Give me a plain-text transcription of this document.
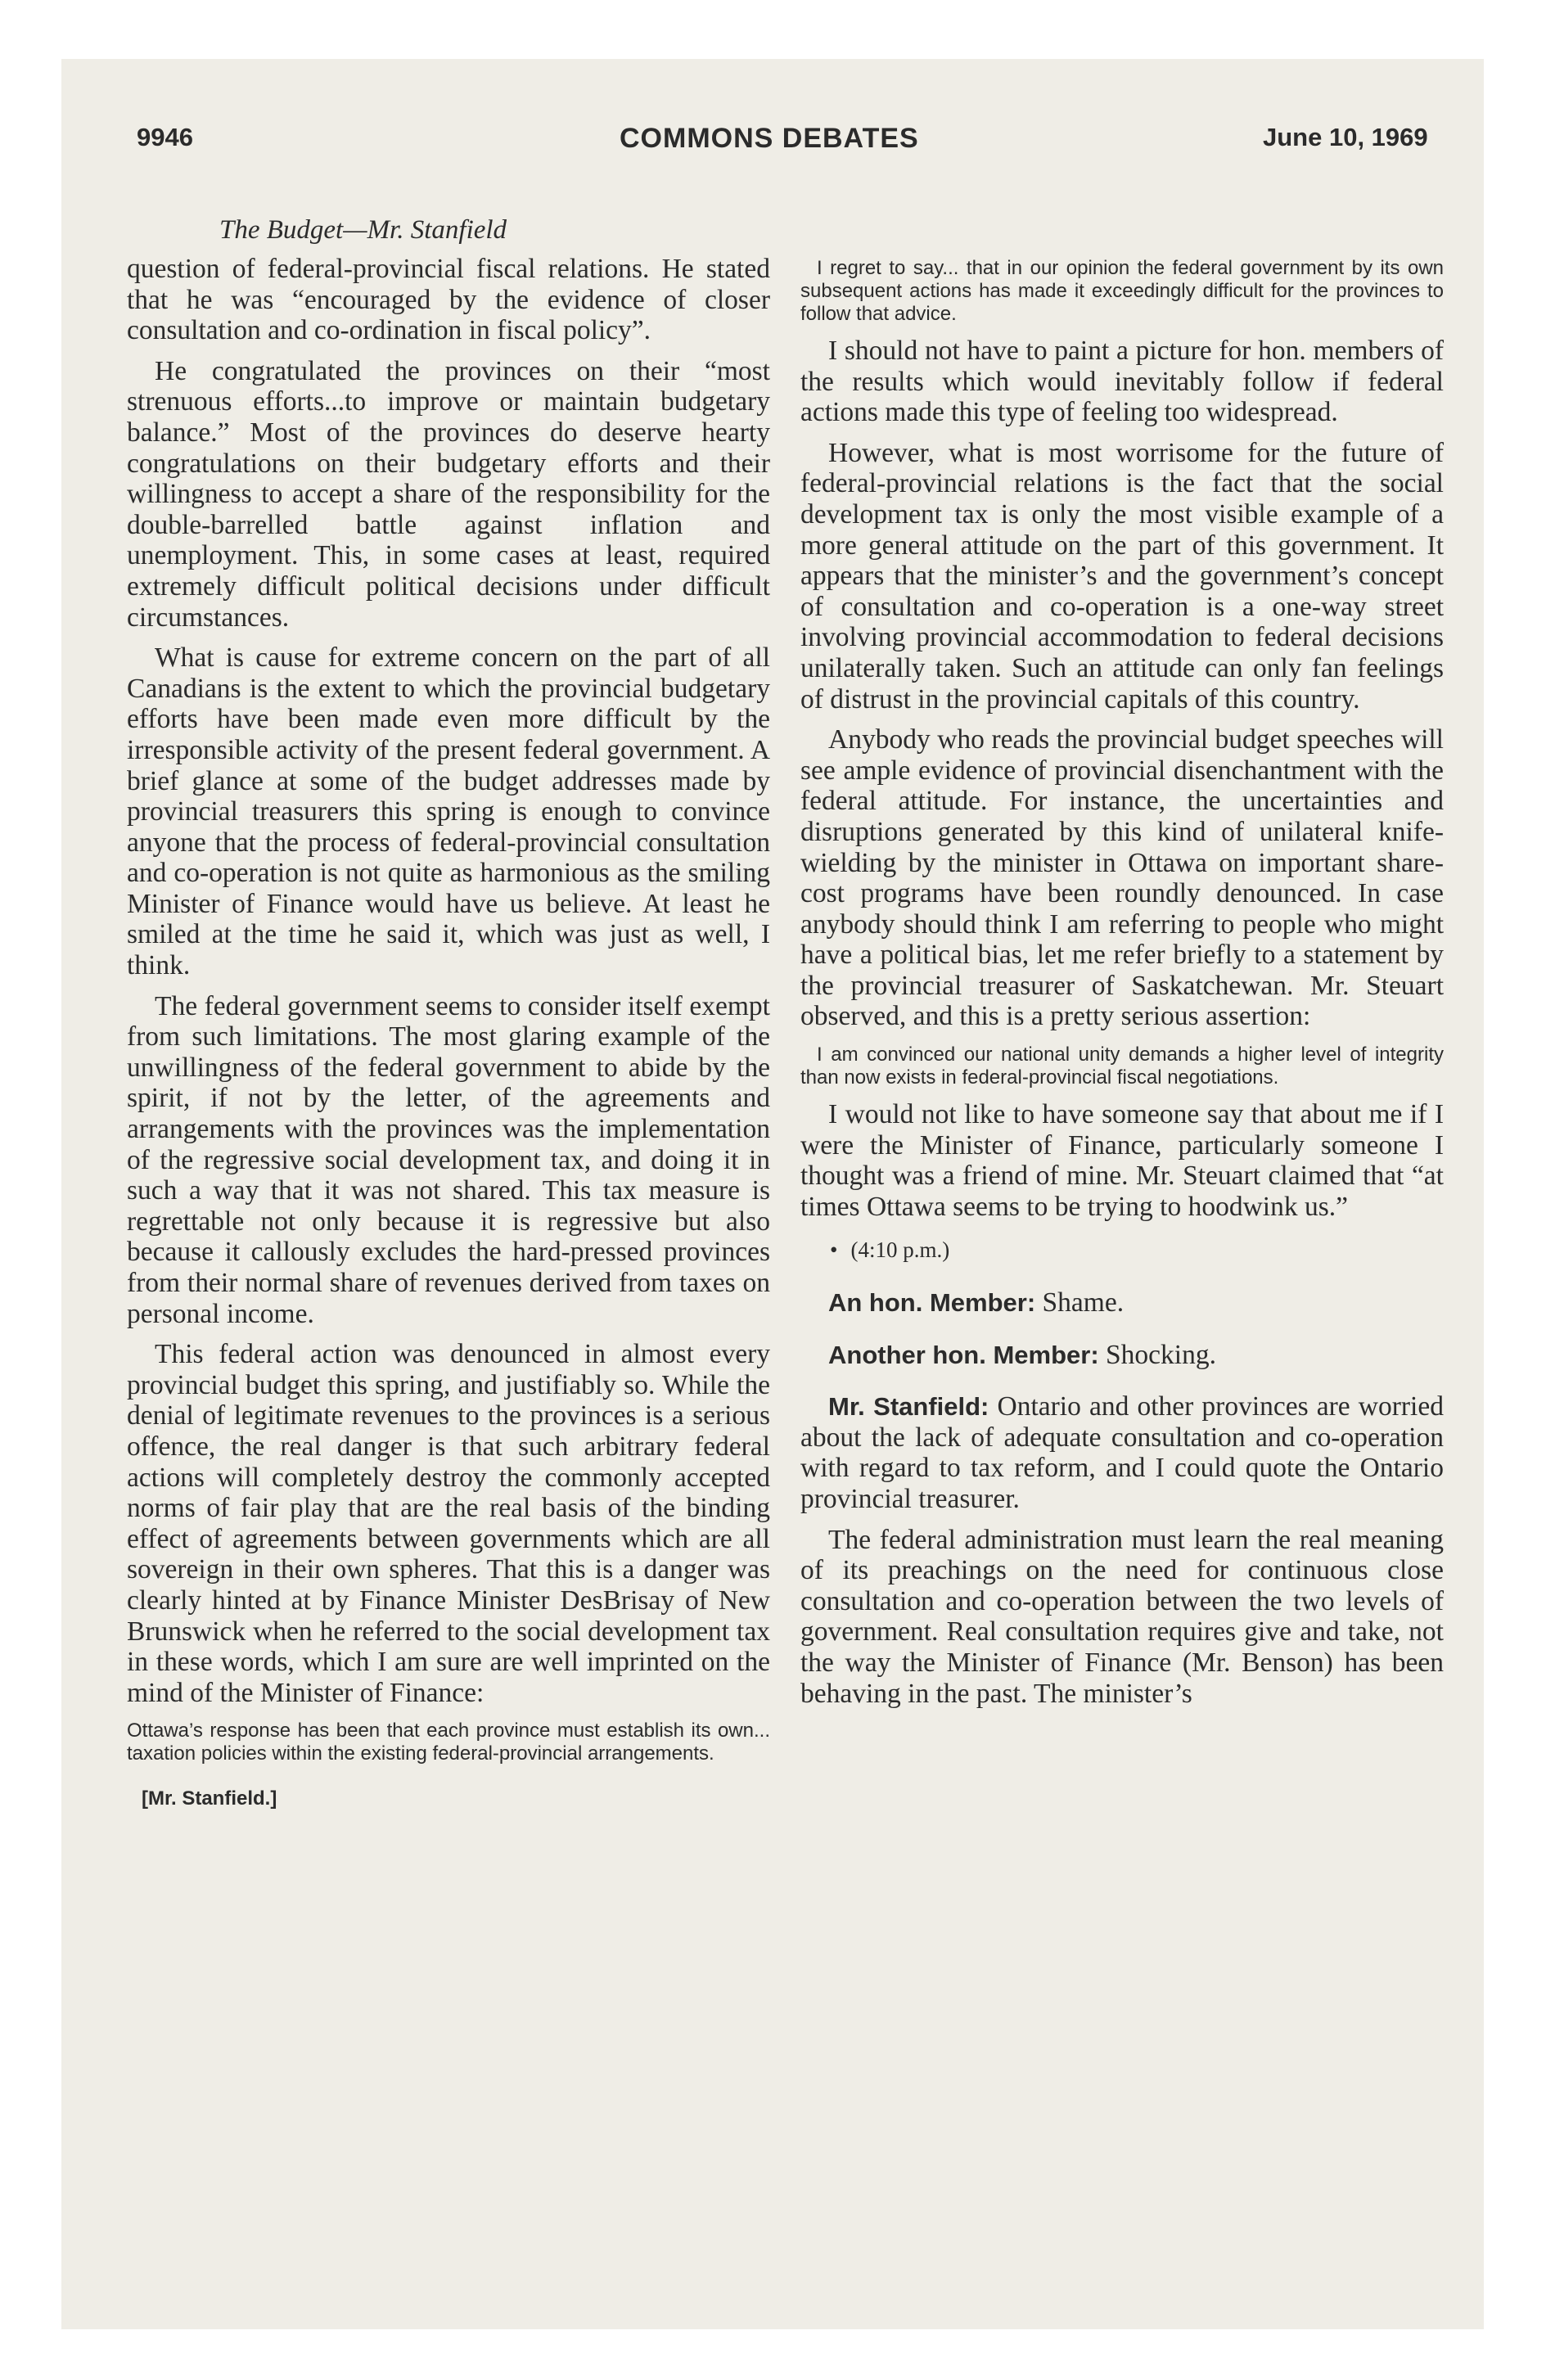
9946	COMMONS DEBATES	June 10, 1969
The Budget—Mr. Stanfield

question of federal-provincial fiscal relations. He stated that he was “encouraged by the evidence of closer consultation and co-ordination in fiscal policy”.

He congratulated the provinces on their “most strenuous efforts...to improve or maintain budgetary balance.” Most of the provinces do deserve hearty congratulations on their budgetary efforts and their willingness to accept a share of the responsibility for the double-barrelled battle against inflation and unemployment. This, in some cases at least, required extremely difficult political decisions under difficult circumstances.

What is cause for extreme concern on the part of all Canadians is the extent to which the provincial budgetary efforts have been made even more difficult by the irresponsible activity of the present federal government. A brief glance at some of the budget addresses made by provincial treasurers this spring is enough to convince anyone that the process of federal-provincial consultation and co-operation is not quite as harmonious as the smiling Minister of Finance would have us believe. At least he smiled at the time he said it, which was just as well, I think.

The federal government seems to consider itself exempt from such limitations. The most glaring example of the unwillingness of the federal government to abide by the spirit, if not by the letter, of the agreements and arrangements with the provinces was the implementation of the regressive social development tax, and doing it in such a way that it was not shared. This tax measure is regrettable not only because it is regressive but also because it callously excludes the hard-pressed provinces from their normal share of revenues derived from taxes on personal income.

This federal action was denounced in almost every provincial budget this spring, and justifiably so. While the denial of legitimate revenues to the provinces is a serious offence, the real danger is that such arbitrary federal actions will completely destroy the commonly accepted norms of fair play that are the real basis of the binding effect of agreements between governments which are all sovereign in their own spheres. That this is a danger was clearly hinted at by Finance Minister DesBrisay of New Brunswick when he referred to the social development tax in these words, which I am sure are well imprinted on the mind of the Minister of Finance:

Ottawa’s response has been that each province must establish its own... taxation policies within the existing federal-provincial arrangements.

[Mr. Stanfield.]

I regret to say... that in our opinion the federal government by its own subsequent actions has made it exceedingly difficult for the provinces to follow that advice.

I should not have to paint a picture for hon. members of the results which would inevitably follow if federal actions made this type of feeling too widespread.

However, what is most worrisome for the future of federal-provincial relations is the fact that the social development tax is only the most visible example of a more general attitude on the part of this government. It appears that the minister’s and the government’s concept of consultation and co-operation is a one-way street involving provincial accommodation to federal decisions unilaterally taken. Such an attitude can only fan feelings of distrust in the provincial capitals of this country.

Anybody who reads the provincial budget speeches will see ample evidence of provincial disenchantment with the federal attitude. For instance, the uncertainties and disruptions generated by this kind of unilateral knife-wielding by the minister in Ottawa on important share-cost programs have been roundly denounced. In case anybody should think I am referring to people who might have a political bias, let me refer briefly to a statement by the provincial treasurer of Saskatchewan. Mr. Steuart observed, and this is a pretty serious assertion:

I am convinced our national unity demands a higher level of integrity than now exists in federal-provincial fiscal negotiations.

I would not like to have someone say that about me if I were the Minister of Finance, particularly someone I thought was a friend of mine. Mr. Steuart claimed that “at times Ottawa seems to be trying to hoodwink us.”

• (4:10 p.m.)

An hon. Member: Shame.

Another hon. Member: Shocking.

Mr. Stanfield: Ontario and other provinces are worried about the lack of adequate consultation and co-operation with regard to tax reform, and I could quote the Ontario provincial treasurer.

The federal administration must learn the real meaning of its preachings on the need for continuous close consultation and co-operation between the two levels of government. Real consultation requires give and take, not the way the Minister of Finance (Mr. Benson) has been behaving in the past. The minister’s
